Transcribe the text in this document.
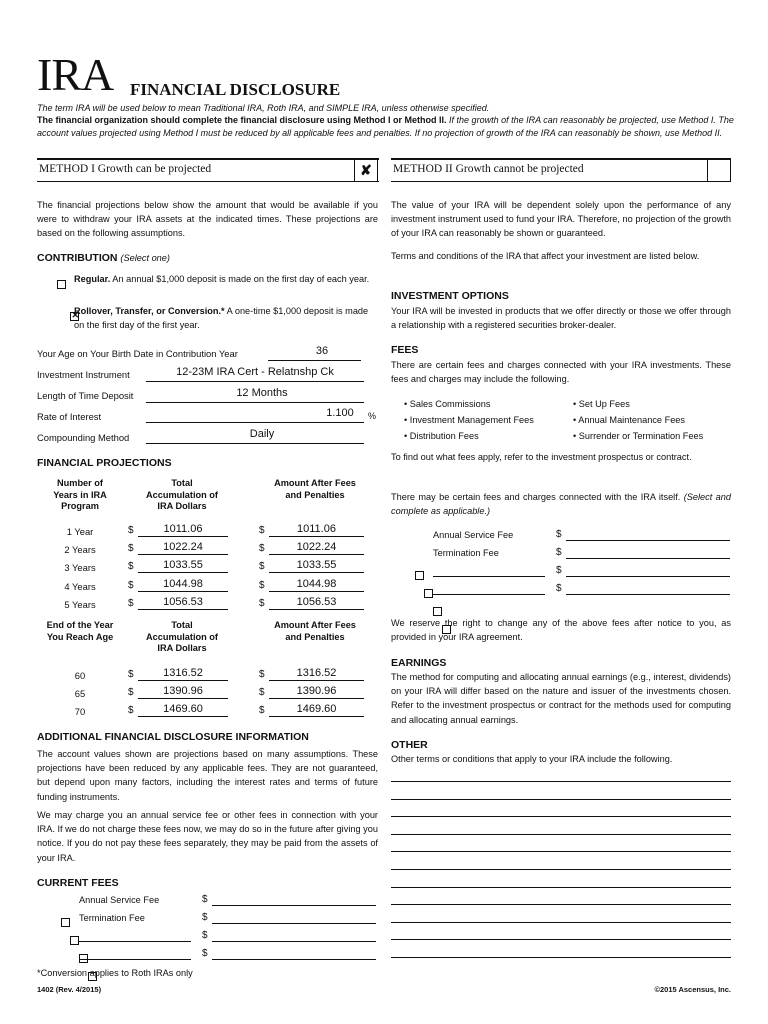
IRA FINANCIAL DISCLOSURE
The term IRA will be used below to mean Traditional IRA, Roth IRA, and SIMPLE IRA, unless otherwise specified.
The financial organization should complete the financial disclosure using Method I or Method II. If the growth of the IRA can reasonably be projected, use Method I. The account values projected using Method I must be reduced by all applicable fees and penalties. If no projection of growth of the IRA can reasonably be shown, use Method II.
METHOD I Growth can be projected	✘	METHOD II Growth cannot be projected
The financial projections below show the amount that would be available if you were to withdraw your IRA assets at the indicated times. These projections are based on the following assumptions.
CONTRIBUTION (Select one)

Regular. An annual $1,000 deposit is made on the first day of each year.
✕
Rollover, Transfer, or Conversion.* A one-time $1,000 deposit is made on the first day of the first year.
Your Age on Your Birth Date in Contribution Year	36
Investment Instrument	12-23M IRA Cert - Relatnshp Ck
Length of Time Deposit	12 Months
Rate of Interest	1.100	%
Compounding Method	Daily
FINANCIAL PROJECTIONS
Number of Years in IRA Program
Total Accumulation of IRA Dollars
Amount After Fees and Penalties
1 Year	$	1011.06	$	1011.06
2 Years	$	1022.24	$	1022.24
3 Years	$	1033.55	$	1033.55
4 Years	$	1044.98	$	1044.98
5 Years	$	1056.53	$	1056.53
End of the Year You Reach Age
Total Accumulation of IRA Dollars
Amount After Fees and Penalties
60	$	1316.52	$	1316.52
65	$	1390.96	$	1390.96
70	$	1469.60	$	1469.60
ADDITIONAL FINANCIAL DISCLOSURE INFORMATION
The account values shown are projections based on many assumptions. These projections have been reduced by any applicable fees. They are not guaranteed, but depend upon many factors, including the interest rates and terms of future funding instruments.
We may charge you an annual service fee or other fees in connection with your IRA. If we do not charge these fees now, we may do so in the future after giving you notice. If you do not pay these fees separately, they may be paid from the assets of your IRA.
CURRENT FEES
Annual Service Fee	$
Termination Fee	$
$
$
*Conversion applies to Roth IRAs only
1402 (Rev. 4/2015)
The value of your IRA will be dependent solely upon the performance of any investment instrument used to fund your IRA. Therefore, no projection of the growth of your IRA can reasonably be shown or guaranteed.
Terms and conditions of the IRA that affect your investment are listed below.
INVESTMENT OPTIONS
Your IRA will be invested in products that we offer directly or those we offer through a relationship with a registered securities broker-dealer.
FEES
There are certain fees and charges connected with your IRA investments. These fees and charges may include the following.
• Sales Commissions
• Investment Management Fees
• Distribution Fees
• Set Up Fees
• Annual Maintenance Fees
• Surrender or Termination Fees
To find out what fees apply, refer to the investment prospectus or contract.
There may be certain fees and charges connected with the IRA itself. (Select and complete as applicable.)
Annual Service Fee	$
Termination Fee	$
$
$
We reserve the right to change any of the above fees after notice to you, as provided in your IRA agreement.
EARNINGS
The method for computing and allocating annual earnings (e.g., interest, dividends) on your IRA will differ based on the nature and issuer of the investments chosen. Refer to the investment prospectus or contract for the methods used for computing and allocating annual earnings.
OTHER
Other terms or conditions that apply to your IRA include the following.
©2015 Ascensus, Inc.
